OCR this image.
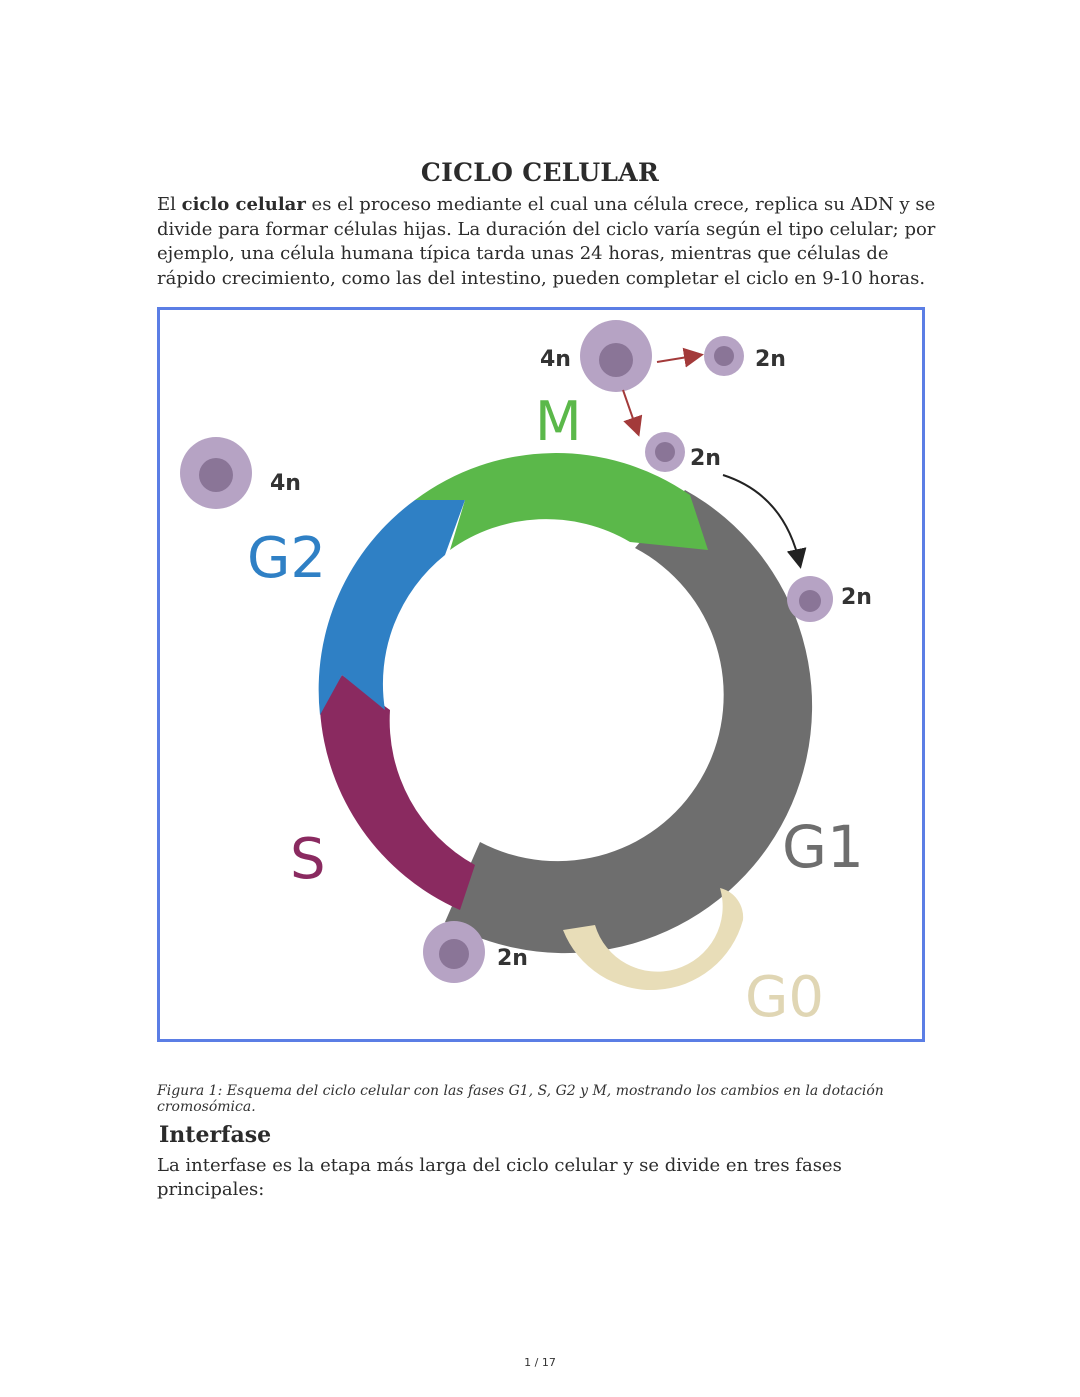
CICLO CELULAR
El ciclo celular es el proceso mediante el cual una célula crece, replica su ADN y se divide para formar células hijas. La duración del ciclo varía según el tipo celular; por ejemplo, una célula humana típica tarda unas 24 horas, mientras que células de rápido crecimiento, como las del intestino, pueden completar el ciclo en 9-10 horas.
M
G2
S	G1
G0
4n
4n	2n
2n
2n
2n
Figura 1: Esquema del ciclo celular con las fases G1, S, G2 y M, mostrando los cambios en la dotación cromosómica.
Interfase
La interfase es la etapa más larga del ciclo celular y se divide en tres fases principales:
1 / 17
